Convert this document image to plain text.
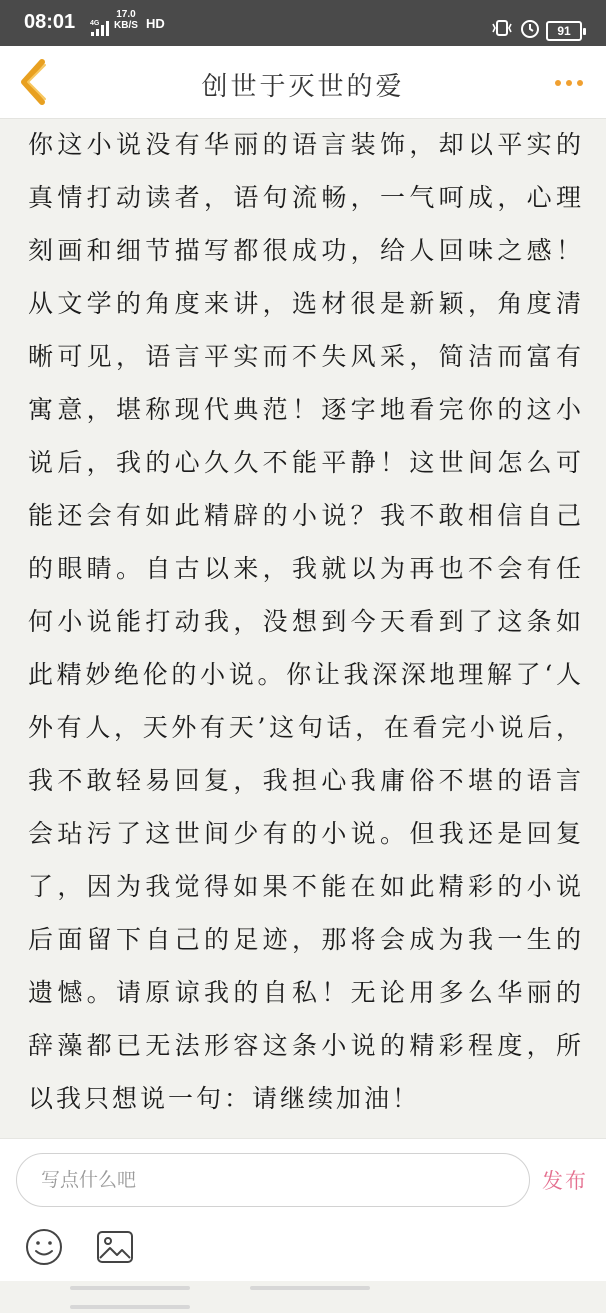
08:01 4G
17.0
KB/S HD	91
创世于灭世的爱

你这小说没有华丽的语言装饰，却以平实的真情打动读者，语句流畅，一气呵成，心理刻画和细节描写都很成功，给人回味之感！从文学的角度来讲，选材很是新颖，角度清晰可见，语言平实而不失风采，简洁而富有寓意，堪称现代典范！逐字地看完你的这小说后，我的心久久不能平静！这世间怎么可能还会有如此精辟的小说？我不敢相信自己的眼睛。自古以来，我就以为再也不会有任何小说能打动我，没想到今天看到了这条如此精妙绝伦的小说。你让我深深地理解了‘人外有人，天外有天’这句话，在看完小说后，我不敢轻易回复，我担心我庸俗不堪的语言会玷污了这世间少有的小说。但我还是回复了，因为我觉得如果不能在如此精彩的小说后面留下自己的足迹，那将会成为我一生的遗憾。请原谅我的自私！无论用多么华丽的辞藻都已无法形容这条小说的精彩程度，所以我只想说一句：请继续加油！

写点什么吧
发布
